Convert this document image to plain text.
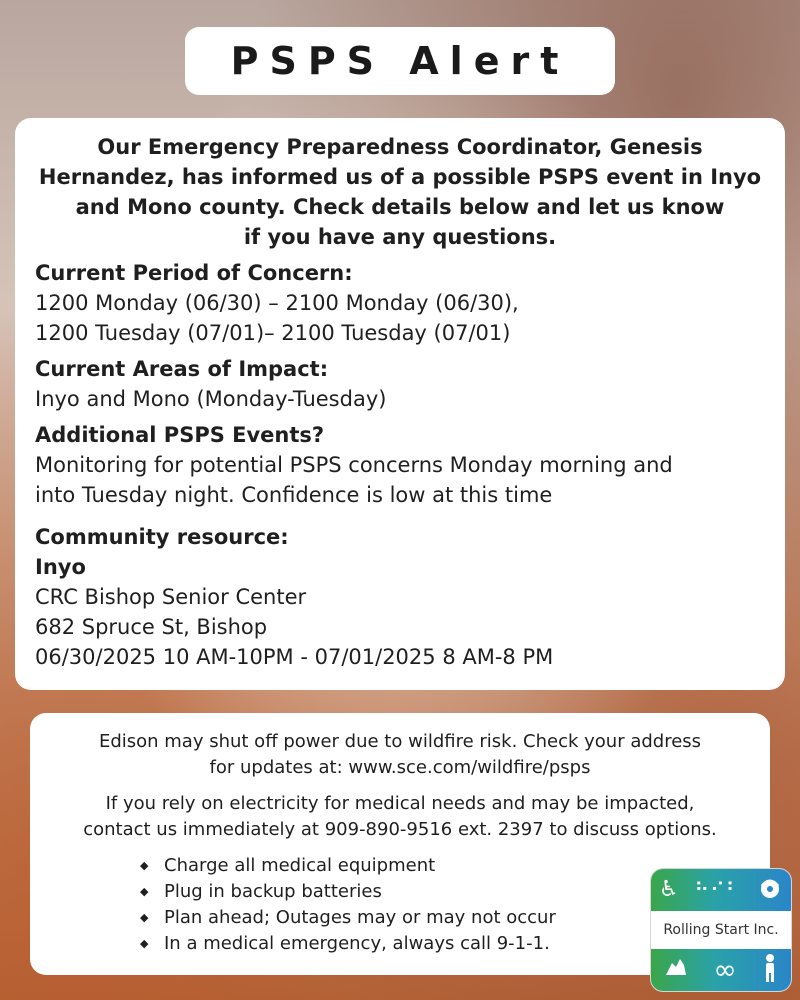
PSPS Alert

Our Emergency Preparedness Coordinator, Genesis
Hernandez, has informed us of a possible PSPS event in Inyo
and Mono county. Check details below and let us know
if you have any questions.

Current Period of Concern:

1200 Monday (06/30) – 2100 Monday (06/30),

1200 Tuesday (07/01)– 2100 Tuesday (07/01)

Current Areas of Impact:

Inyo and Mono (Monday-Tuesday)

Additional PSPS Events?

Monitoring for potential PSPS concerns Monday morning and

into Tuesday night. Confidence is low at this time

Community resource:

Inyo

CRC Bishop Senior Center

682 Spruce St, Bishop

06/30/2025 10 AM-10PM - 07/01/2025 8 AM-8 PM

Edison may shut off power due to wildfire risk. Check your address
for updates at: www.sce.com/wildfire/psps

If you rely on electricity for medical needs and may be impacted,
contact us immediately at 909-890-9516 ext. 2397 to discuss options.

◆ Charge all medical equipment
◆ Plug in backup batteries
◆ Plan ahead; Outages may or may not occur
◆ In a medical emergency, always call 9-1-1.
♿ ⠓⠊⠃
Rolling Start Inc.
∞
